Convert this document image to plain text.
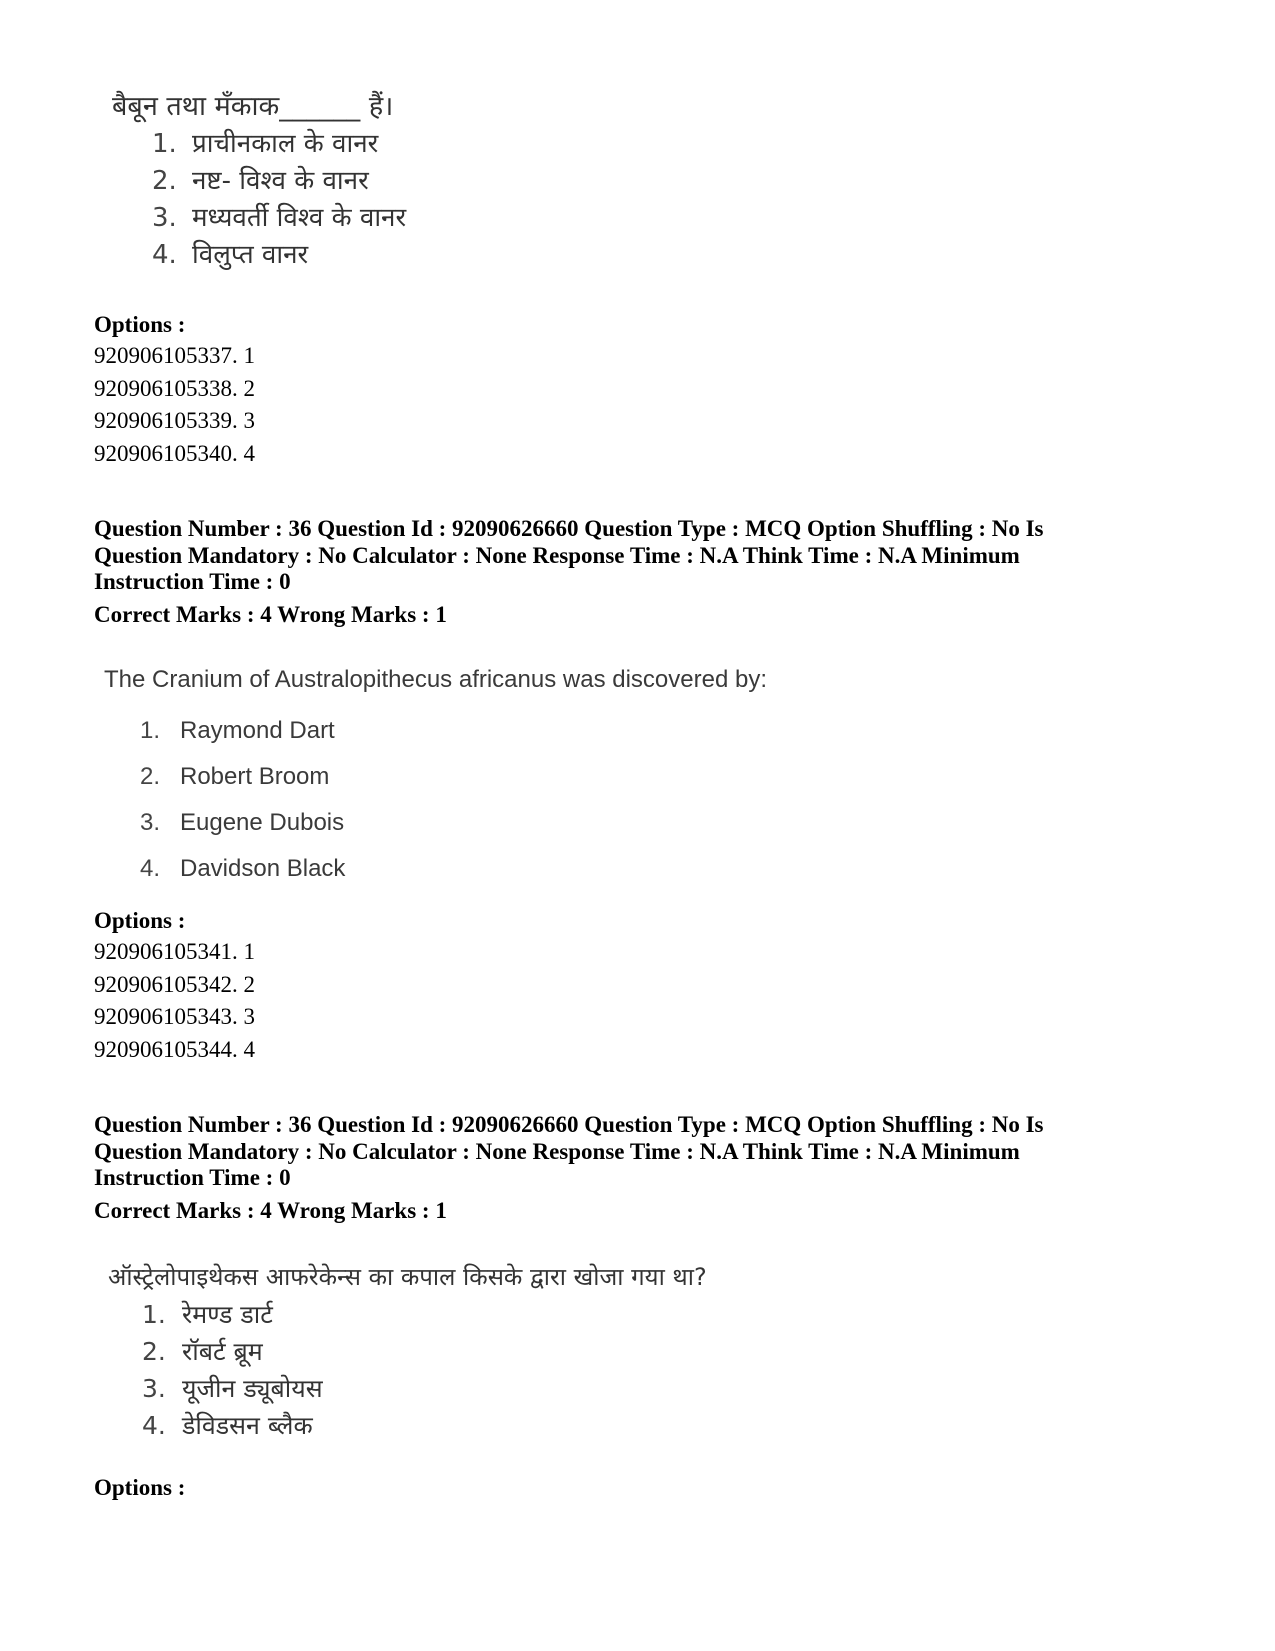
बैबून तथा मँकाक______ हैं।

1. प्राचीनकाल के वानर
2. नष्ट- विश्व के वानर
3. मध्यवर्ती विश्व के वानर
4. विलुप्त वानर
Options :
920906105337. 1
920906105338. 2
920906105339. 3
920906105340. 4
Question Number : 36 Question Id : 92090626660 Question Type : MCQ Option Shuffling : No Is Question Mandatory : No Calculator : None Response Time : N.A Think Time : N.A Minimum Instruction Time : 0
Correct Marks : 4 Wrong Marks : 1

The Cranium of Australopithecus africanus was discovered by:

1. Raymond Dart
2. Robert Broom
3. Eugene Dubois
4. Davidson Black
Options :
920906105341. 1
920906105342. 2
920906105343. 3
920906105344. 4
Question Number : 36 Question Id : 92090626660 Question Type : MCQ Option Shuffling : No Is Question Mandatory : No Calculator : None Response Time : N.A Think Time : N.A Minimum Instruction Time : 0
Correct Marks : 4 Wrong Marks : 1

ऑस्ट्रेलोपाइथेकस आफरेकेन्स का कपाल किसके द्वारा खोजा गया था?

1. रेमण्ड डार्ट
2. रॉबर्ट ब्रूम
3. यूजीन ड्यूबोयस
4. डेविडसन ब्लैक
Options :
